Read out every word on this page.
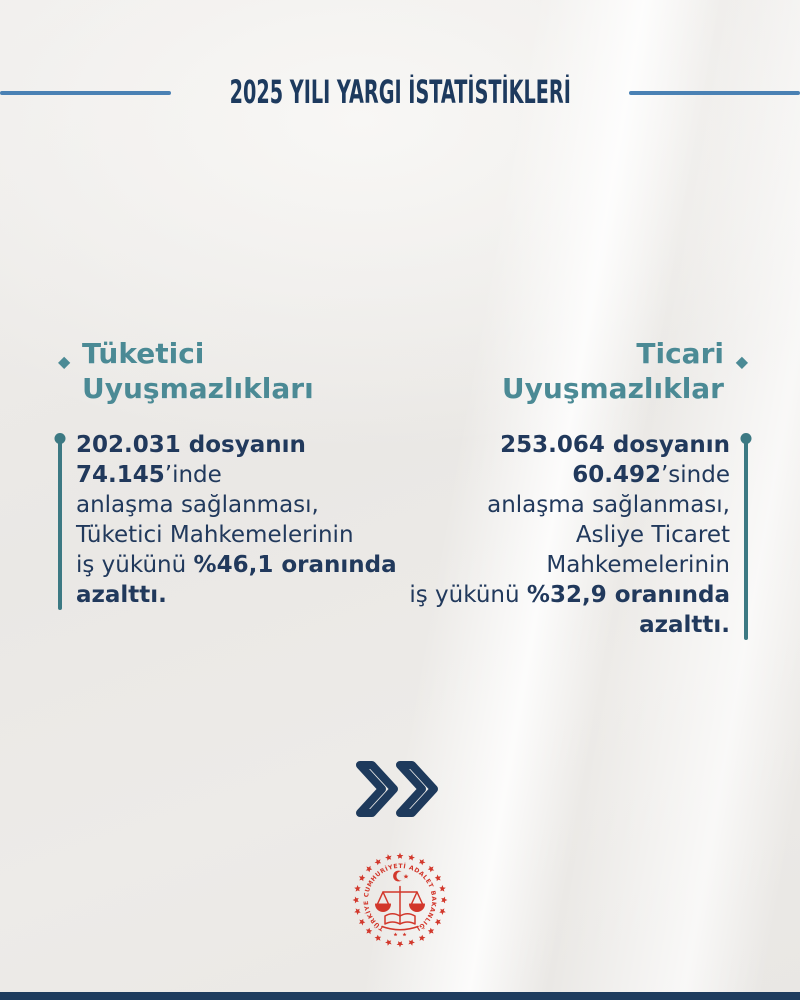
2025 YILI YARGI İSTATİSTİKLERİ
◆ Tüketici
Uyuşmazlıkları
202.031 dosyanın
74.145’inde
anlaşma sağlanması,
Tüketici Mahkemelerinin
iş yükünü %46,1 oranında
azalttı.
◆
Ticari
Uyuşmazlıklar
253.064 dosyanın
60.492’sinde
anlaşma sağlanması,
Asliye Ticaret Mahkemelerinin
iş yükünü %32,9 oranında
azalttı.
TÜRKİYE CUMHURİYETİ ADALET BAKANLIĞI
